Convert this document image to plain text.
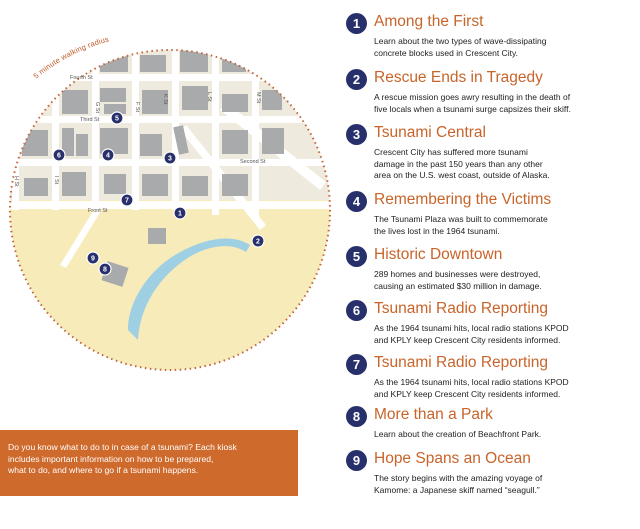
5 minute walking radius
Fourth St
Third St
Second St
Front St
G St	F St
K St	L St	M St
H St	I St
1
2
3
4
5
6
7
8
9
Do you know what to do to in case of a tsunami? Each kiosk
includes important information on how to be prepared,
what to do, and where to go if a tsunami happens.
1 Among the First
Learn about the two types of wave-dissipating
concrete blocks used in Crescent City.
2 Rescue Ends in Tragedy
A rescue mission goes awry resulting in the death of
five locals when a tsunami surge capsizes their skiff.
3 Tsunami Central
Crescent City has suffered more tsunami
damage in the past 150 years than any other
area on the U.S. west coast, outside of Alaska.
4 Remembering the Victims
The Tsunami Plaza was built to commemorate
the lives lost in the 1964 tsunami.
5 Historic Downtown
289 homes and businesses were destroyed,
causing an estimated $30 million in damage.
6 Tsunami Radio Reporting
As the 1964 tsunami hits, local radio stations KPOD
and KPLY keep Crescent City residents informed.
7 Tsunami Radio Reporting
As the 1964 tsunami hits, local radio stations KPOD
and KPLY keep Crescent City residents informed.
8 More than a Park
Learn about the creation of Beachfront Park.
9 Hope Spans an Ocean
The story begins with the amazing voyage of
Kamome: a Japanese skiff named “seagull.”
